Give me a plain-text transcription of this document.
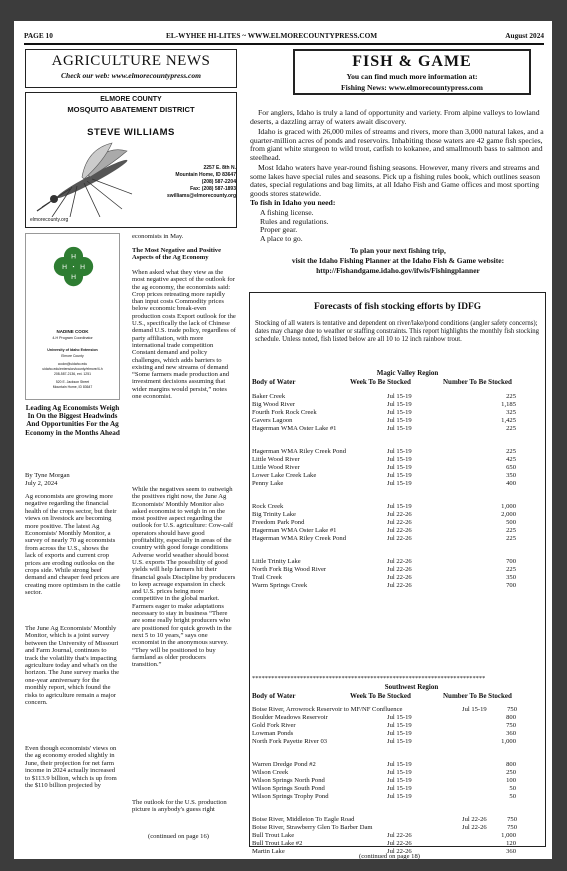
PAGE 10	EL-WYHEE HI-LITES ~ WWW.ELMORECOUNTYPRESS.COM	August 2024
AGRICULTURE NEWS
Check our web: www.elmorecountypress.com
FISH & GAME
You can find much more information at:
Fishing News: www.elmorecountypress.com
ELMORE COUNTY
MOSQUITO ABATEMENT DISTRICT
STEVE WILLIAMS
2257 E. 8th N.
Mountain Home, ID 83647
(208) 587-2204
Fax: (208) 587-1893
swilliams@elmorecounty.org
elmorecounty.org
H
H
H
H
NADINE COOK
4-H Program Coordinator
University of Idaho Extension
Elmore County
cookn@uidaho.edu
uidaho.edu/extension/county/elmore/4-h
208-587-2136, ext. 1251
520 E. Jackson Street
Mountain Home, ID 83647
Leading Ag Economists Weigh In On the Biggest Headwinds And Opportunities For the Ag Economy in the Months Ahead
By Tyne Morgan
July 2, 2024
Ag economists are growing more negative regarding the financial health of the crops sector, but their views on livestock are becoming more positive. The latest Ag Economists' Monthly Monitor, a survey of nearly 70 ag economists from across the U.S., shows the lack of exports and current crop prices are eroding outlooks on the crops side. While strong beef demand and cheaper feed prices are creating more optimism in the cattle sector.
The June Ag Economists' Monthly Monitor, which is a joint survey between the University of Missouri and Farm Journal, continues to track the volatility that's impacting agriculture today and what's on the horizon. The June survey marks the one-year anniversary for the monthly report, which found the risks to agriculture remain a major concern.
Even though economists' views on the ag economy eroded slightly in June, their projection for net farm income in 2024 actually increased to $113.9 billion, which is up from the $110 billion projected by
economists in May.
The Most Negative and Positive Aspects of the Ag Economy
When asked what they view as the most negative aspect of the outlook for the ag economy, the economists said: Crop prices retreating more rapidly than input costs Commodity prices below economic break-even production costs Export outlook for the U.S., specifically the lack of Chinese demand U.S. trade policy, regardless of party affiliation, with more international trade competition Constant demand and policy challenges, which adds barriers to existing and new streams of demand “Some farmers made production and investment decisions assuming that wider margins would persist,” notes one economist.
While the negatives seem to outweigh the positives right now, the June Ag Economists' Monthly Monitor also asked economist to weigh in on the most positive aspect regarding the outlook for U.S. agriculture: Cow-calf operators should have good profitability, especially in areas of the country with good forage conditions Adverse world weather should boost U.S. exports The possibility of good yields will help farmers hit their financial goals Discipline by producers to keep acreage expansion in check and U.S. prices being more competitive in the global market. Farmers eager to make adaptations necessary to stay in business “There are some really bright producers who are positioned for quick growth in the next 5 to 10 years,” says one economist in the anonymous survey. “They will be positioned to buy farmland as older producers transition.”
The outlook for the U.S. production picture is anybody's guess right
(continued on page 16)
For anglers, Idaho is truly a land of opportunity and variety. From alpine valleys to lowland deserts, a dazzling array of waters await discovery.
Idaho is graced with 26,000 miles of streams and rivers, more than 3,000 natural lakes, and a quarter-million acres of ponds and reservoirs. Inhabiting those waters are 42 game fish species, from giant white sturgeon to wild trout, catfish to kokanee, and smallmouth bass to salmon and steelhead.
Most Idaho waters have year-round fishing seasons. However, many rivers and streams and some lakes have special rules and seasons. Pick up a fishing rules book, which outlines season dates, special regulations and bag limits, at all Idaho Fish and Game offices and most sporting goods stores statewide.
To fish in Idaho you need:
A fishing license.
Rules and regulations.
Proper gear.
A place to go.
To plan your next fishing trip,
visit the Idaho Fishing Planner at the Idaho Fish & Game website:
http://Fishandgame.idaho.gov/ifwis/Fishingplanner
Forecasts of fish stocking efforts by IDFG
Stocking of all waters is tentative and dependent on river/lake/pond conditions (angler safety concerns); dates may change due to weather or staffing constraints. This report highlights the monthly fish stocking schedule. Unless noted, fish listed below are all 10 to 12 inch rainbow trout.
Magic Valley Region
Body of Water	Week To Be Stocked	Number To Be Stocked
Baker Creek	Jul 15-19	225
Big Wood River	Jul 15-19	1,185
Fourth Fork Rock Creek	Jul 15-19	325
Gavers Lagoon	Jul 15-19	1,425
Hagerman WMA Oster Lake #1	Jul 15-19	225
Hagerman WMA Riley Creek Pond	Jul 15-19	225
Little Wood River	Jul 15-19	425
Little Wood River	Jul 15-19	650
Lower Lake Creek Lake	Jul 15-19	350
Penny Lake	Jul 15-19	400
Rock Creek	Jul 15-19	1,000
Big Trinity Lake	Jul 22-26	2,000
Freedom Park Pond	Jul 22-26	500
Hagerman WMA Oster Lake #1	Jul 22-26	225
Hagerman WMA Riley Creek Pond	Jul 22-26	225
Little Trinity Lake	Jul 22-26	700
North Fork Big Wood River	Jul 22-26	225
Trail Creek	Jul 22-26	350
Warm Springs Creek	Jul 22-26	700
*************************************************************************
Southwest Region
Body of Water	Week To Be Stocked	Number To Be Stocked
Boise River, Arrowrock Reservoir to MF/NF Confluence	Jul 15-19	750
Boulder Meadows Reservoir	Jul 15-19	800
Gold Fork River	Jul 15-19	750
Lowman Ponds	Jul 15-19	360
North Fork Payette River 03	Jul 15-19	1,000
Warren Dredge Pond #2	Jul 15-19	800
Wilson Creek	Jul 15-19	250
Wilson Springs North Pond	Jul 15-19	100
Wilson Springs South Pond	Jul 15-19	50
Wilson Springs Trophy Pond	Jul 15-19	50
Boise River, Middleton To Eagle Road	Jul 22-26	750
Boise River, Strawberry Glen To Barber Dam	Jul 22-26	750
Bull Trout Lake	Jul 22-26	1,000
Bull Trout Lake #2	Jul 22-26	120
Martin Lake	Jul 22-26	360
(continued on page 18)
